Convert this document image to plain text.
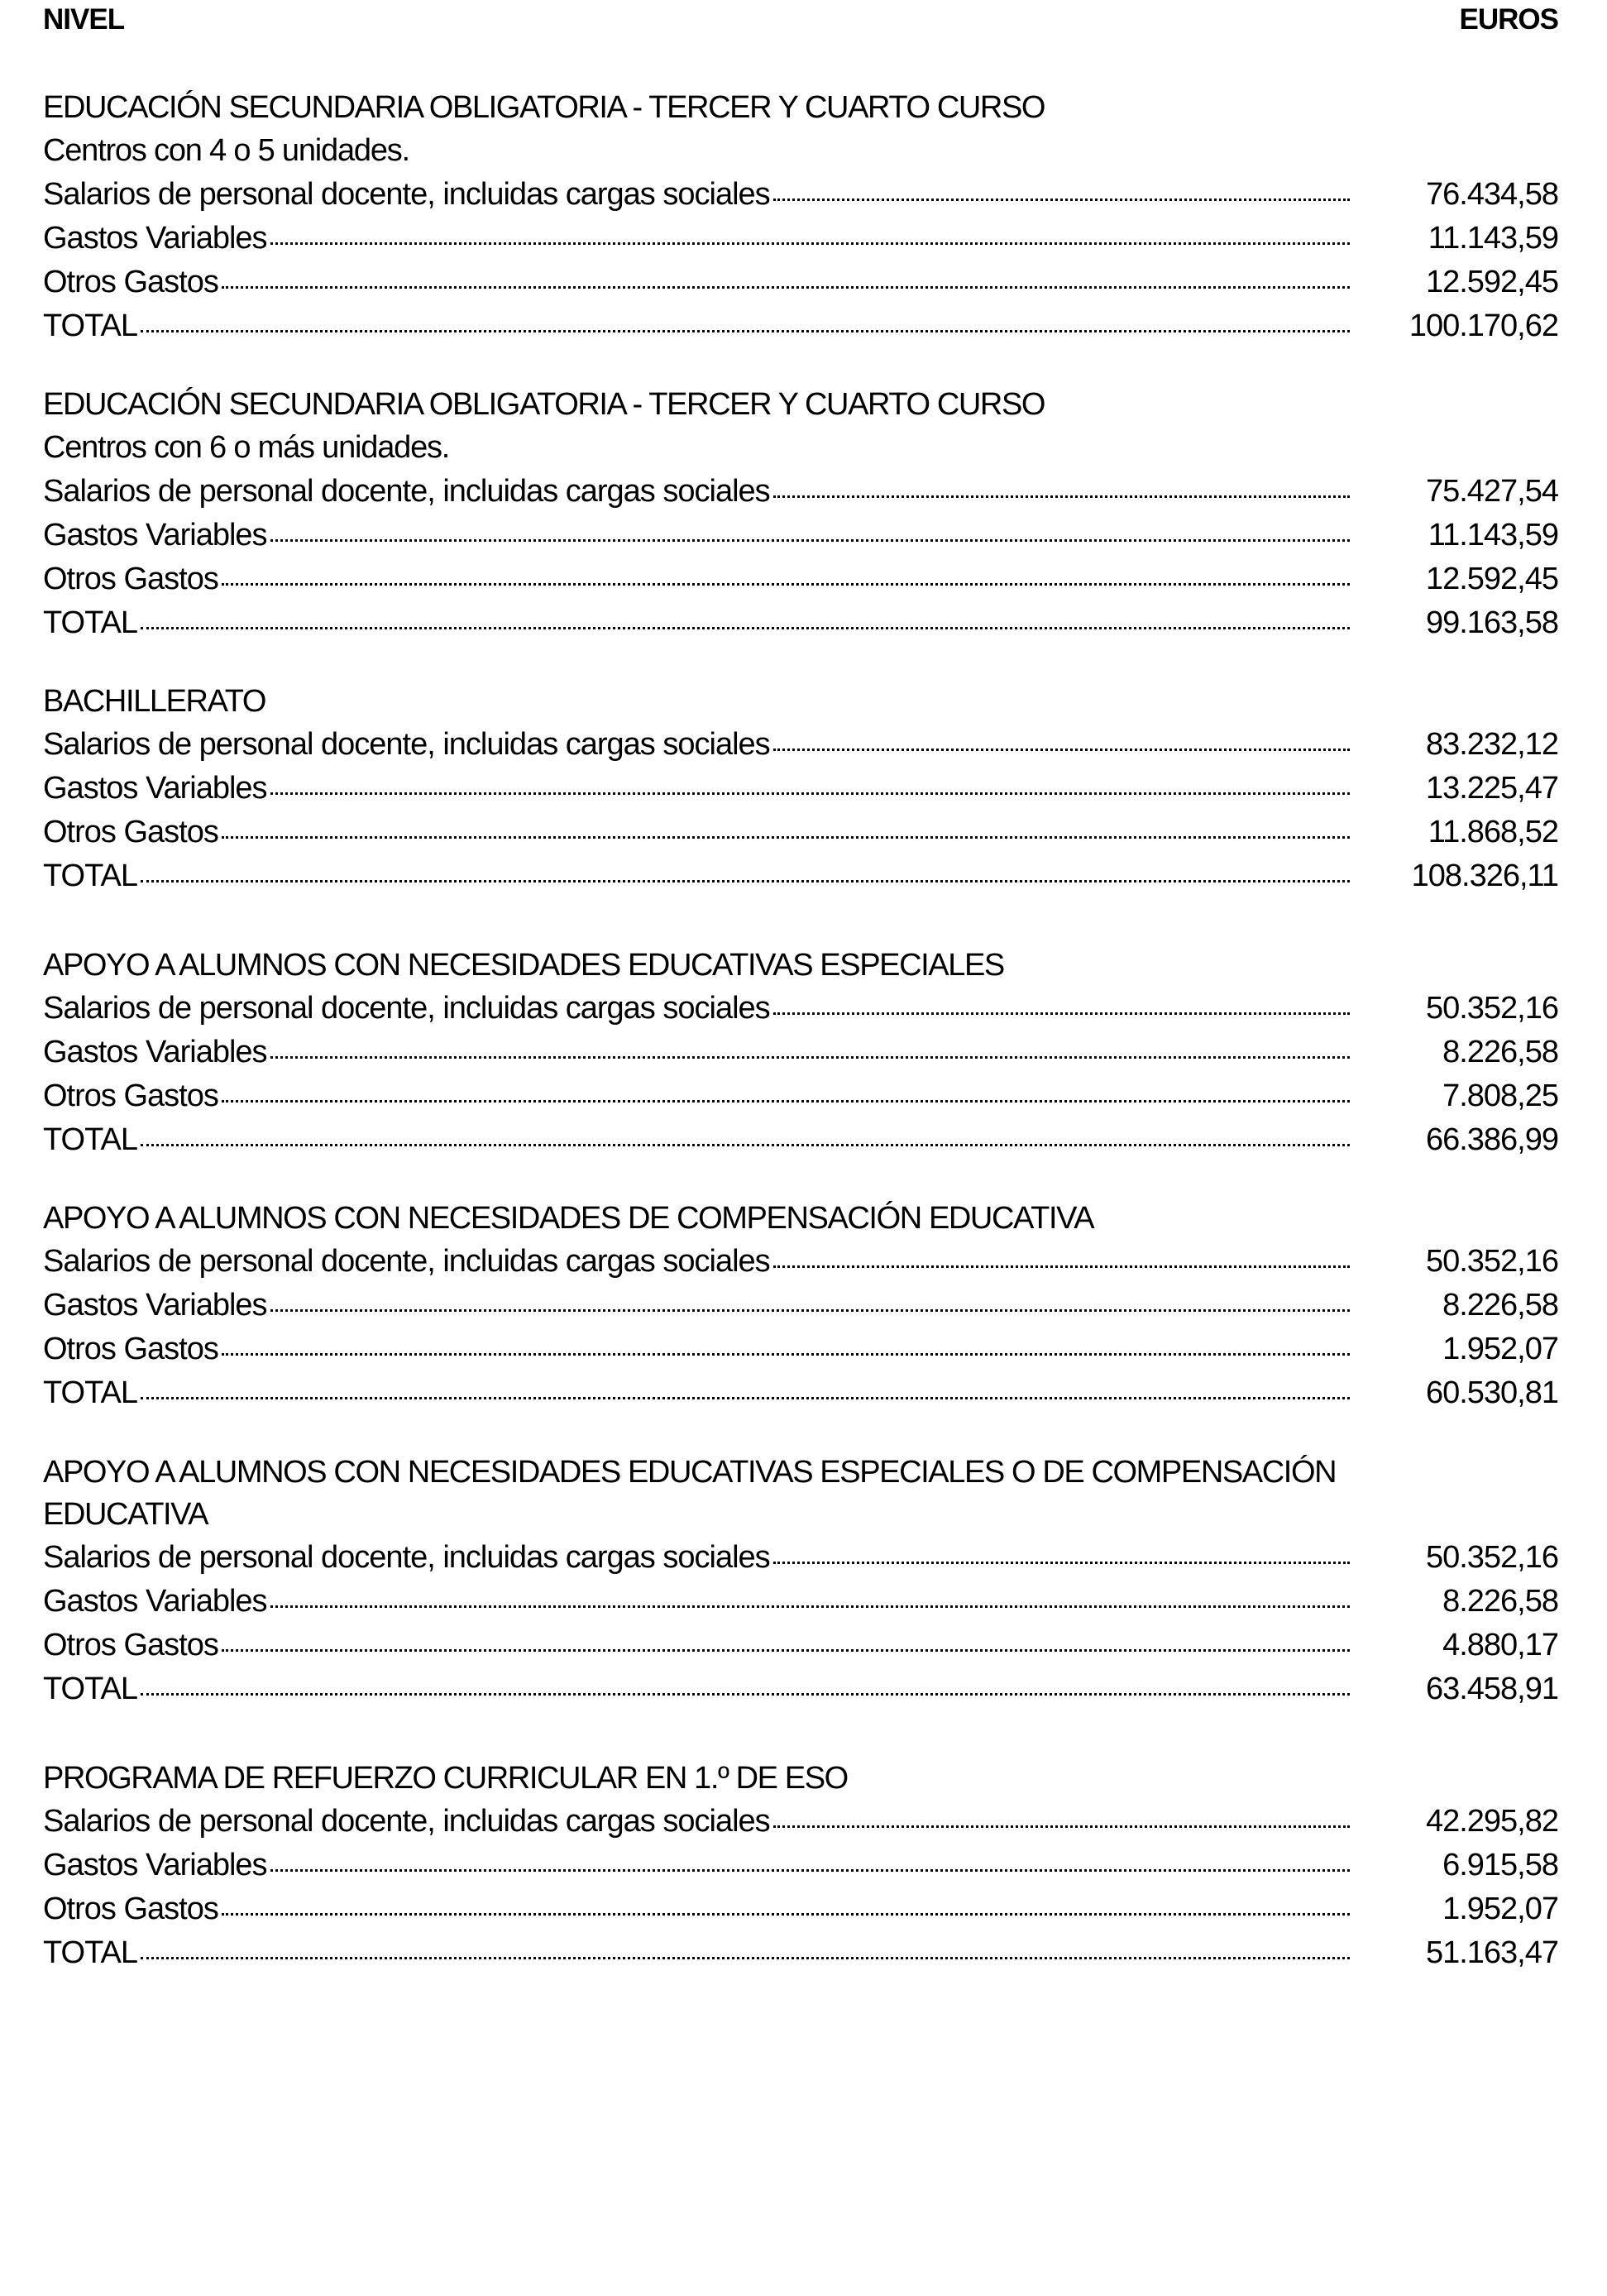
NIVEL	EUROS
EDUCACIÓN SECUNDARIA OBLIGATORIA - TERCER Y CUARTO CURSO
Centros con 4 o 5 unidades.
Salarios de personal docente, incluidas cargas sociales	76.434,58
Gastos Variables	11.143,59
Otros Gastos	12.592,45
TOTAL	100.170,62
EDUCACIÓN SECUNDARIA OBLIGATORIA - TERCER Y CUARTO CURSO
Centros con 6 o más unidades.
Salarios de personal docente, incluidas cargas sociales	75.427,54
Gastos Variables	11.143,59
Otros Gastos	12.592,45
TOTAL	99.163,58
BACHILLERATO
Salarios de personal docente, incluidas cargas sociales	83.232,12
Gastos Variables	13.225,47
Otros Gastos	11.868,52
TOTAL	108.326,11
APOYO A ALUMNOS CON NECESIDADES EDUCATIVAS ESPECIALES
Salarios de personal docente, incluidas cargas sociales	50.352,16
Gastos Variables	8.226,58
Otros Gastos	7.808,25
TOTAL	66.386,99
APOYO A ALUMNOS CON NECESIDADES DE COMPENSACIÓN EDUCATIVA
Salarios de personal docente, incluidas cargas sociales	50.352,16
Gastos Variables	8.226,58
Otros Gastos	1.952,07
TOTAL	60.530,81
APOYO A ALUMNOS CON NECESIDADES EDUCATIVAS ESPECIALES O DE COMPENSACIÓN
EDUCATIVA
Salarios de personal docente, incluidas cargas sociales	50.352,16
Gastos Variables	8.226,58
Otros Gastos	4.880,17
TOTAL	63.458,91
PROGRAMA DE REFUERZO CURRICULAR EN 1.º DE ESO
Salarios de personal docente, incluidas cargas sociales	42.295,82
Gastos Variables	6.915,58
Otros Gastos	1.952,07
TOTAL	51.163,47
